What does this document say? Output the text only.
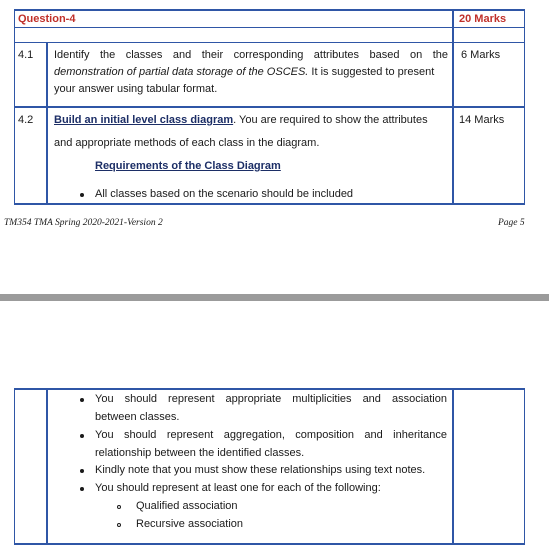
Question-4	20 Marks
4.1 Identify the classes and their corresponding attributes based on the
demonstration of partial data storage of the OSCES. It is suggested to present
your answer using tabular format.
6 Marks
4.2 Build an initial level class diagram. You are required to show the attributes
and appropriate methods of each class in the diagram.
Requirements of the Class Diagram
All classes based on the scenario should be included
14 Marks
TM354 TMA Spring 2020-2021-Version 2	Page 5
You should represent appropriate multiplicities and association
between classes.
You should represent aggregation, composition and inheritance
relationship between the identified classes.
Kindly note that you must show these relationships using text notes.
You should represent at least one for each of the following:
Qualified association
Recursive association
